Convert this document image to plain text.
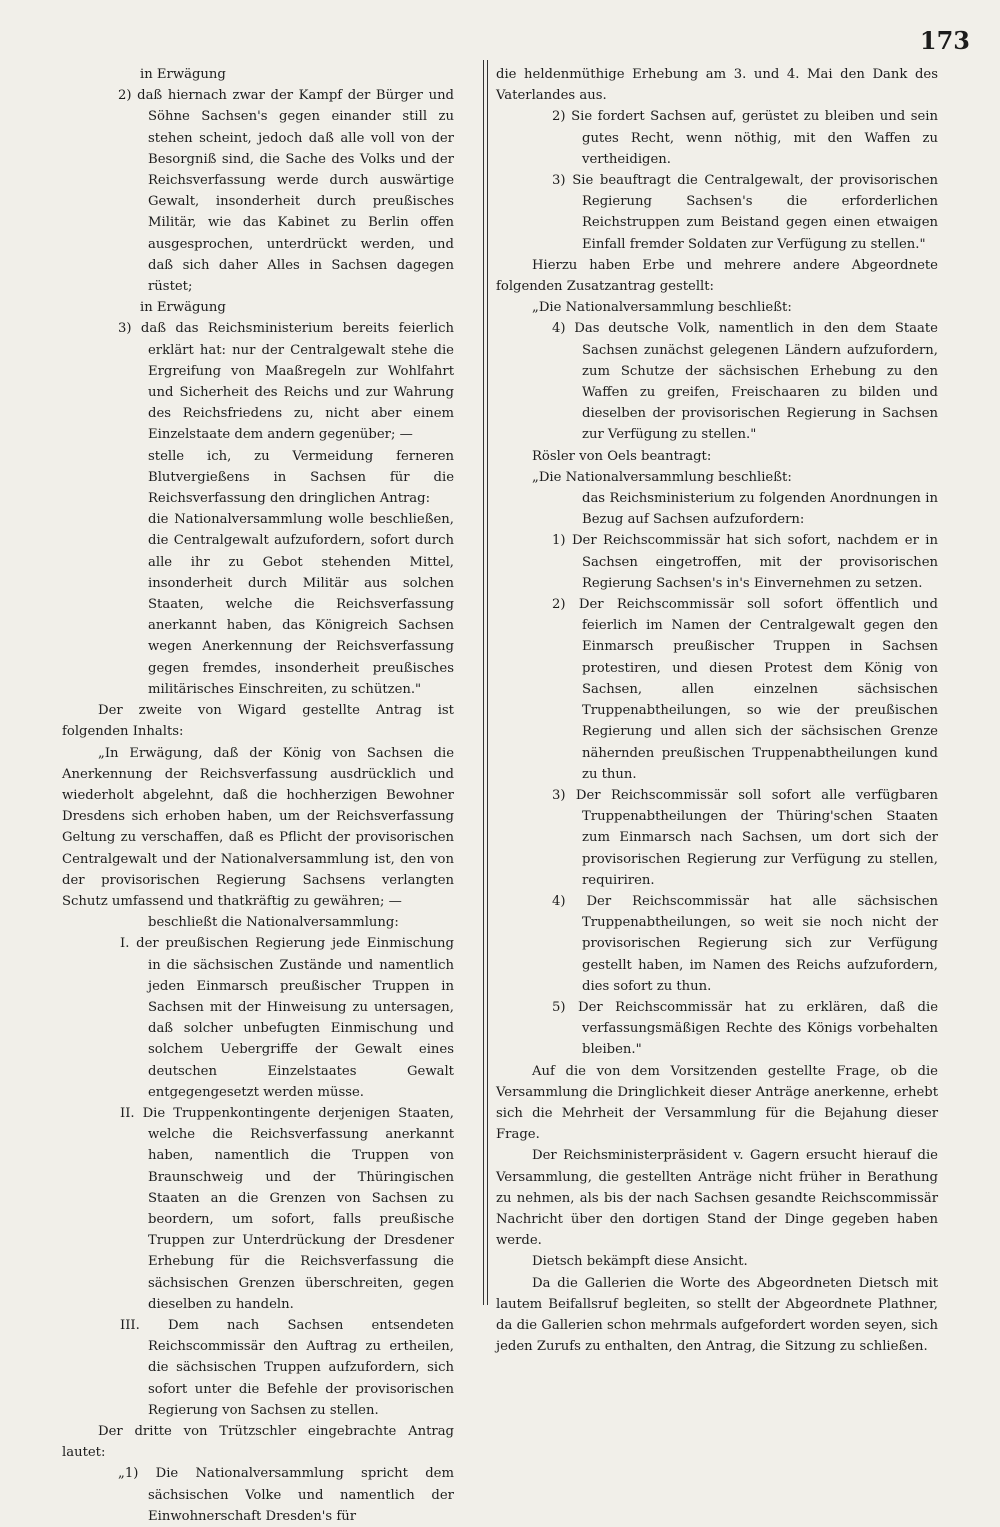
173

in Erwägung

2) daß hiernach zwar der Kampf der Bürger und Söhne Sachsen's gegen einander still zu stehen scheint, jedoch daß alle voll von der Besorgniß sind, die Sache des Volks und der Reichsverfassung werde durch auswärtige Gewalt, insonderheit durch preußisches Militär, wie das Kabinet zu Berlin offen ausgesprochen, unterdrückt werden, und daß sich daher Alles in Sachsen dagegen rüstet;

in Erwägung

3) daß das Reichsministerium bereits feierlich erklärt hat: nur der Centralgewalt stehe die Ergreifung von Maaßregeln zur Wohlfahrt und Sicherheit des Reichs und zur Wahrung des Reichsfriedens zu, nicht aber einem Einzelstaate dem andern gegenüber; —

stelle ich, zu Vermeidung ferneren Blutvergießens in Sachsen für die Reichsverfassung den dringlichen Antrag:

die Nationalversammlung wolle beschließen, die Centralgewalt aufzufordern, sofort durch alle ihr zu Gebot stehenden Mittel, insonderheit durch Militär aus solchen Staaten, welche die Reichsverfassung anerkannt haben, das Königreich Sachsen wegen Anerkennung der Reichsverfassung gegen fremdes, insonderheit preußisches militärisches Einschreiten, zu schützen."

Der zweite von Wigard gestellte Antrag ist folgenden Inhalts:

„In Erwägung, daß der König von Sachsen die Anerkennung der Reichsverfassung ausdrücklich und wiederholt abgelehnt, daß die hochherzigen Bewohner Dresdens sich erhoben haben, um der Reichsverfassung Geltung zu verschaffen, daß es Pflicht der provisorischen Centralgewalt und der Nationalversammlung ist, den von der provisorischen Regierung Sachsens verlangten Schutz umfassend und thatkräftig zu gewähren; —

beschließt die Nationalversammlung:

I. der preußischen Regierung jede Einmischung in die sächsischen Zustände und namentlich jeden Einmarsch preußischer Truppen in Sachsen mit der Hinweisung zu untersagen, daß solcher unbefugten Einmischung und solchem Uebergriffe der Gewalt eines deutschen Einzelstaates Gewalt entgegengesetzt werden müsse.

II. Die Truppenkontingente derjenigen Staaten, welche die Reichsverfassung anerkannt haben, namentlich die Truppen von Braunschweig und der Thüringischen Staaten an die Grenzen von Sachsen zu beordern, um sofort, falls preußische Truppen zur Unterdrückung der Dresdener Erhebung für die Reichsverfassung die sächsischen Grenzen überschreiten, gegen dieselben zu handeln.

III. Dem nach Sachsen entsendeten Reichscommissär den Auftrag zu ertheilen, die sächsischen Truppen aufzufordern, sich sofort unter die Befehle der provisorischen Regierung von Sachsen zu stellen.

Der dritte von Trützschler eingebrachte Antrag lautet:

„1) Die Nationalversammlung spricht dem sächsischen Volke und namentlich der Einwohnerschaft Dresden's für

die heldenmüthige Erhebung am 3. und 4. Mai den Dank des Vaterlandes aus.

2) Sie fordert Sachsen auf, gerüstet zu bleiben und sein gutes Recht, wenn nöthig, mit den Waffen zu vertheidigen.

3) Sie beauftragt die Centralgewalt, der provisorischen Regierung Sachsen's die erforderlichen Reichstruppen zum Beistand gegen einen etwaigen Einfall fremder Soldaten zur Verfügung zu stellen."

Hierzu haben Erbe und mehrere andere Abgeordnete folgenden Zusatzantrag gestellt:

„Die Nationalversammlung beschließt:

4) Das deutsche Volk, namentlich in den dem Staate Sachsen zunächst gelegenen Ländern aufzufordern, zum Schutze der sächsischen Erhebung zu den Waffen zu greifen, Freischaaren zu bilden und dieselben der provisorischen Regierung in Sachsen zur Verfügung zu stellen."

Rösler von Oels beantragt:

„Die Nationalversammlung beschließt:

das Reichsministerium zu folgenden Anordnungen in Bezug auf Sachsen aufzufordern:

1) Der Reichscommissär hat sich sofort, nachdem er in Sachsen eingetroffen, mit der provisorischen Regierung Sachsen's in's Einvernehmen zu setzen.

2) Der Reichscommissär soll sofort öffentlich und feierlich im Namen der Centralgewalt gegen den Einmarsch preußischer Truppen in Sachsen protestiren, und diesen Protest dem König von Sachsen, allen einzelnen sächsischen Truppenabtheilungen, so wie der preußischen Regierung und allen sich der sächsischen Grenze nähernden preußischen Truppenabtheilungen kund zu thun.

3) Der Reichscommissär soll sofort alle verfügbaren Truppenabtheilungen der Thüring'schen Staaten zum Einmarsch nach Sachsen, um dort sich der provisorischen Regierung zur Verfügung zu stellen, requiriren.

4) Der Reichscommissär hat alle sächsischen Truppenabtheilungen, so weit sie noch nicht der provisorischen Regierung sich zur Verfügung gestellt haben, im Namen des Reichs aufzufordern, dies sofort zu thun.

5) Der Reichscommissär hat zu erklären, daß die verfassungsmäßigen Rechte des Königs vorbehalten bleiben."

Auf die von dem Vorsitzenden gestellte Frage, ob die Versammlung die Dringlichkeit dieser Anträge anerkenne, erhebt sich die Mehrheit der Versammlung für die Bejahung dieser Frage.

Der Reichsministerpräsident v. Gagern ersucht hierauf die Versammlung, die gestellten Anträge nicht früher in Berathung zu nehmen, als bis der nach Sachsen gesandte Reichscommissär Nachricht über den dortigen Stand der Dinge gegeben haben werde.

Dietsch bekämpft diese Ansicht.

Da die Gallerien die Worte des Abgeordneten Dietsch mit lautem Beifallsruf begleiten, so stellt der Abgeordnete Plathner, da die Gallerien schon mehrmals aufgefordert worden seyen, sich jeden Zurufs zu enthalten, den Antrag, die Sitzung zu schließen.
